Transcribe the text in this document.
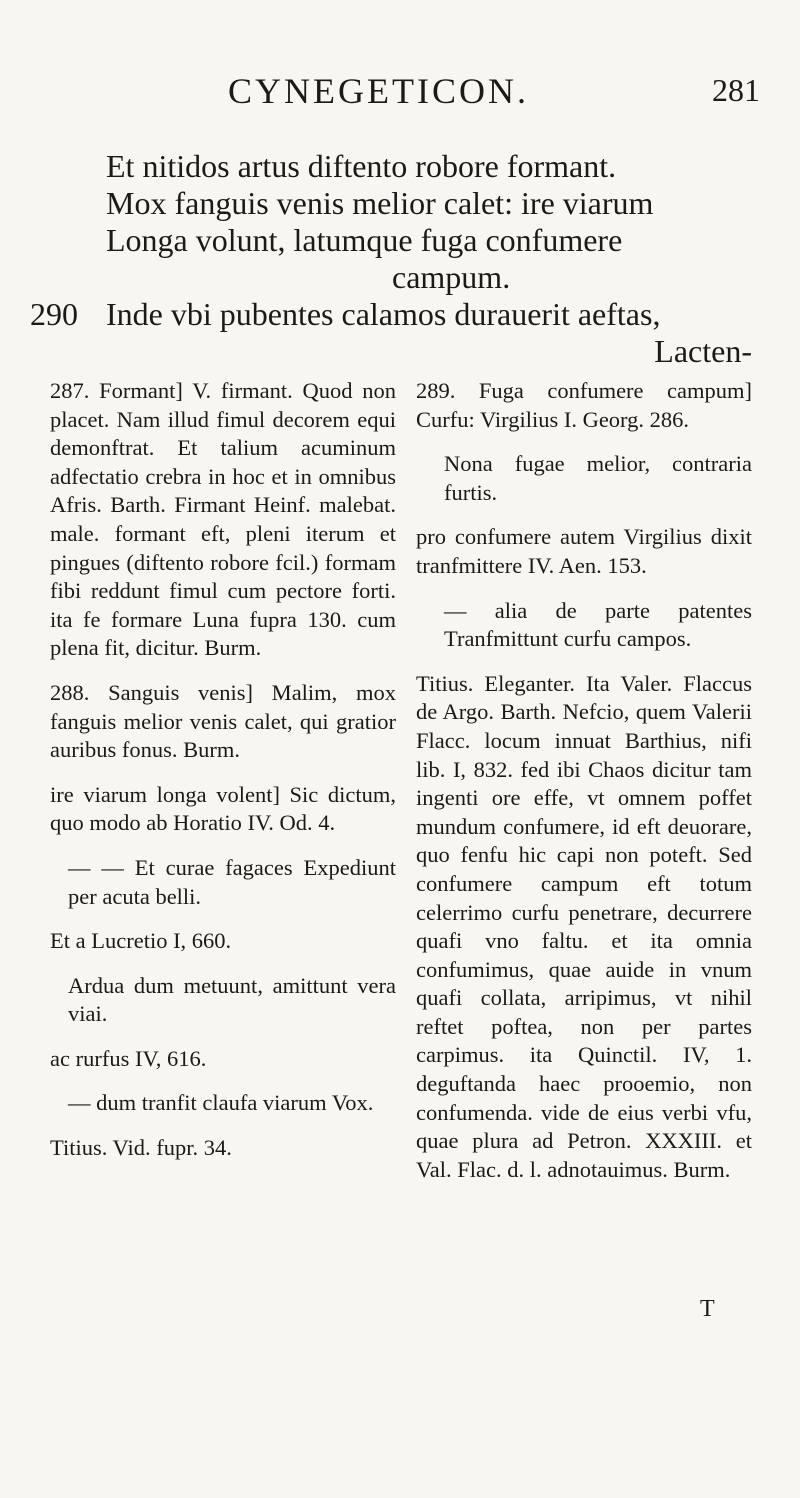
CYNEGETICON.	281
Et nitidos artus diftento robore formant.
Mox fanguis venis melior calet: ire viarum
Longa volunt, latumque fuga confumere
campum.
290 Inde vbi pubentes calamos durauerit aeftas,
Lacten-

287. Formant] V. firmant. Quod non placet. Nam illud fimul decorem equi demonftrat. Et talium acuminum adfectatio crebra in hoc et in omnibus Afris. Barth. Firmant Heinf. malebat. male. formant eft, pleni iterum et pingues (diftento robore fcil.) formam fibi reddunt fimul cum pectore forti. ita fe formare Luna fupra 130. cum plena fit, dicitur. Burm.

288. Sanguis venis] Malim, mox fanguis melior venis calet, qui gratior auribus fonus. Burm.

ire viarum longa volent] Sic dictum, quo modo ab Horatio IV. Od. 4.

— — Et curae fagaces Expediunt per acuta belli.

Et a Lucretio I, 660.

Ardua dum metuunt, amittunt vera viai.

ac rurfus IV, 616.

— dum tranfit claufa viarum Vox.

Titius. Vid. fupr. 34.

289. Fuga confumere campum] Curfu: Virgilius I. Georg. 286.

Nona fugae melior, contraria furtis.

pro confumere autem Virgilius dixit tranfmittere IV. Aen. 153.

— alia de parte patentes Tranfmittunt curfu campos.

Titius. Eleganter. Ita Valer. Flaccus de Argo. Barth. Nefcio, quem Valerii Flacc. locum innuat Barthius, nifi lib. I, 832. fed ibi Chaos dicitur tam ingenti ore effe, vt omnem poffet mundum confumere, id eft deuorare, quo fenfu hic capi non poteft. Sed confumere campum eft totum celerrimo curfu penetrare, decurrere quafi vno faltu. et ita omnia confumimus, quae auide in vnum quafi collata, arripimus, vt nihil reftet poftea, non per partes carpimus. ita Quinctil. IV, 1. deguftanda haec prooemio, non confumenda. vide de eius verbi vfu, quae plura ad Petron. XXXIII. et Val. Flac. d. l. adnotauimus. Burm.

T
